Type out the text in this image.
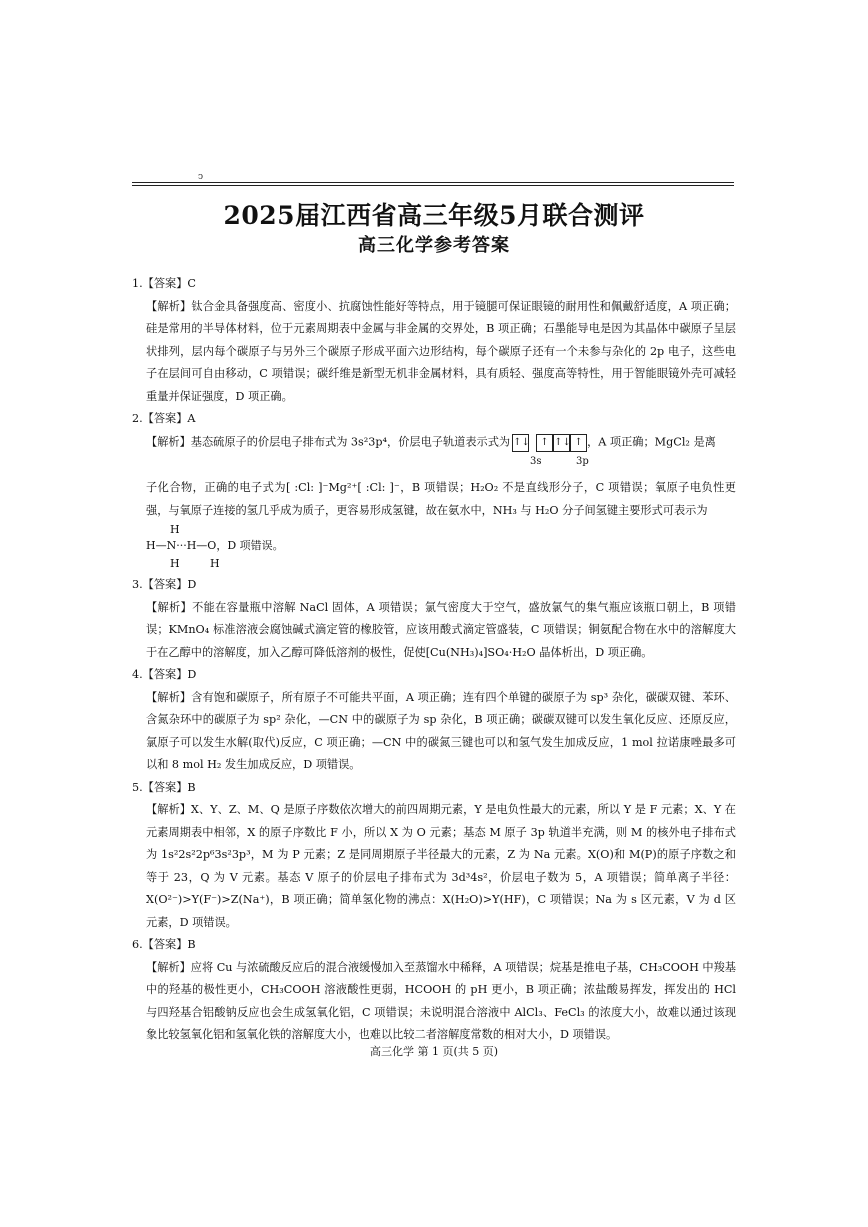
ↄ
2025届江西省高三年级5月联合测评
高三化学参考答案

1.【答案】C

【解析】钛合金具备强度高、密度小、抗腐蚀性能好等特点，用于镜腿可保证眼镜的耐用性和佩戴舒适度，A 项正确；硅是常用的半导体材料，位于元素周期表中金属与非金属的交界处，B 项正确；石墨能导电是因为其晶体中碳原子呈层状排列，层内每个碳原子与另外三个碳原子形成平面六边形结构，每个碳原子还有一个未参与杂化的 2p 电子，这些电子在层间可自由移动，C 项错误；碳纤维是新型无机非金属材料，具有质轻、强度高等特性，用于智能眼镜外壳可减轻重量并保证强度，D 项正确。

2.【答案】A

【解析】基态硫原子的价层电子排布式为 3s²3p⁴，价层电子轨道表示式为 ↑↓ ↑ ↑↓ ↑ ，A 项正确；MgCl₂ 是离

3s	3p

子化合物，正确的电子式为[ :Cl: ]⁻Mg²⁺[ :Cl: ]⁻，B 项错误；H₂O₂ 不是直线形分子，C 项错误；氧原子电负性更强，与氧原子连接的氢几乎成为质子，更容易形成氢键，故在氨水中，NH₃ 与 H₂O 分子间氢键主要形式可表示为

H
H—N···H—O，D 项错误。
H	H

3.【答案】D

【解析】不能在容量瓶中溶解 NaCl 固体，A 项错误；氯气密度大于空气，盛放氯气的集气瓶应该瓶口朝上，B 项错误；KMnO₄ 标准溶液会腐蚀碱式滴定管的橡胶管，应该用酸式滴定管盛装，C 项错误；铜氨配合物在水中的溶解度大于在乙醇中的溶解度，加入乙醇可降低溶剂的极性，促使[Cu(NH₃)₄]SO₄·H₂O 晶体析出，D 项正确。

4.【答案】D

【解析】含有饱和碳原子，所有原子不可能共平面，A 项正确；连有四个单键的碳原子为 sp³ 杂化，碳碳双键、苯环、含氮杂环中的碳原子为 sp² 杂化，—CN 中的碳原子为 sp 杂化，B 项正确；碳碳双键可以发生氧化反应、还原反应，氯原子可以发生水解(取代)反应，C 项正确；—CN 中的碳氮三键也可以和氢气发生加成反应，1 mol 拉诺康唑最多可以和 8 mol H₂ 发生加成反应，D 项错误。

5.【答案】B

【解析】X、Y、Z、M、Q 是原子序数依次增大的前四周期元素，Y 是电负性最大的元素，所以 Y 是 F 元素；X、Y 在元素周期表中相邻，X 的原子序数比 F 小，所以 X 为 O 元素；基态 M 原子 3p 轨道半充满，则 M 的核外电子排布式为 1s²2s²2p⁶3s²3p³，M 为 P 元素；Z 是同周期原子半径最大的元素，Z 为 Na 元素。X(O)和 M(P)的原子序数之和等于 23，Q 为 V 元素。基态 V 原子的价层电子排布式为 3d³4s²，价层电子数为 5，A 项错误；简单离子半径：X(O²⁻)>Y(F⁻)>Z(Na⁺)，B 项正确；简单氢化物的沸点：X(H₂O)>Y(HF)，C 项错误；Na 为 s 区元素，V 为 d 区元素，D 项错误。

6.【答案】B

【解析】应将 Cu 与浓硫酸反应后的混合液缓慢加入至蒸馏水中稀释，A 项错误；烷基是推电子基，CH₃COOH 中羧基中的羟基的极性更小，CH₃COOH 溶液酸性更弱，HCOOH 的 pH 更小，B 项正确；浓盐酸易挥发，挥发出的 HCl 与四羟基合铝酸钠反应也会生成氢氧化铝，C 项错误；未说明混合溶液中 AlCl₃、FeCl₃ 的浓度大小，故难以通过该现象比较氢氧化铝和氢氧化铁的溶解度大小，也难以比较二者溶解度常数的相对大小，D 项错误。

高三化学 第 1 页(共 5 页)
